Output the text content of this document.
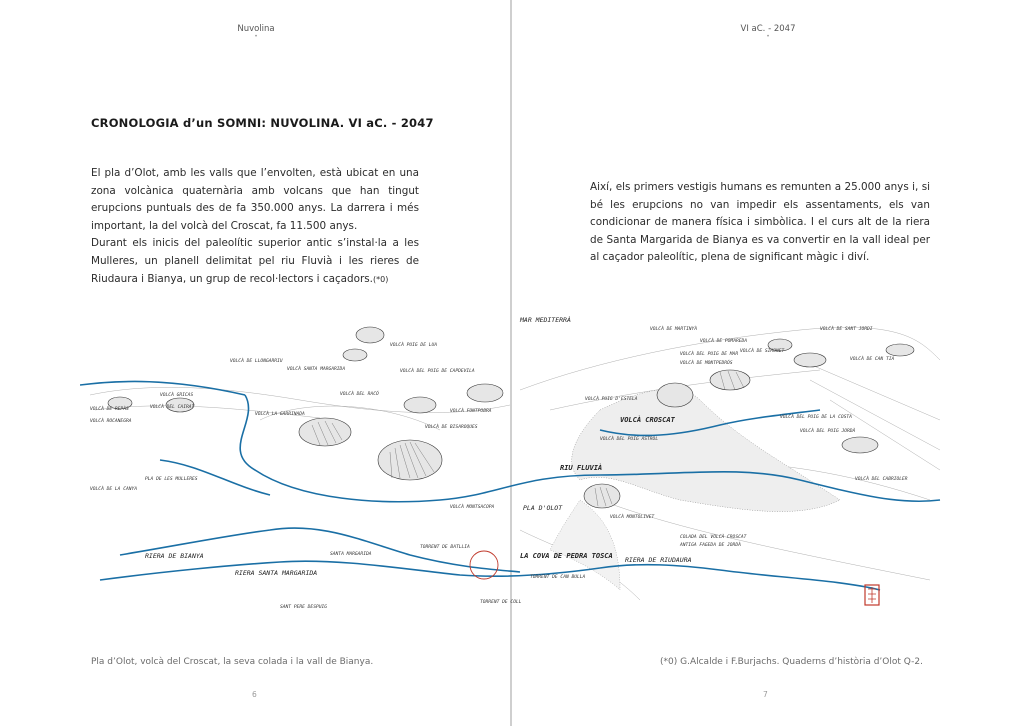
Nuvolina
•
VI aC. - 2047
•
CRONOLOGIA d’un SOMNI: NUVOLINA. VI aC. - 2047

El pla d’Olot, amb les valls que l’envolten, està ubicat en una zona volcànica quaternària amb volcans que han tingut erupcions puntuals des de fa 350.000 anys. La darrera i més important, la del volcà del Croscat, fa 11.500 anys.

Durant els inicis del paleolític superior antic s’instal·la a les Mulleres, un planell delimitat pel riu Fluvià i les rieres de Riudaura i Bianya, un grup de recol·lectors i caçadors.(*0)

Així, els primers vestigis humans es remunten a 25.000 anys i, si bé les erupcions no van impedir els assentaments, els van condicionar de manera física i simbòlica. I el curs alt de la riera de Santa Margarida de Bianya es va convertir en la vall ideal per al caçador paleolític, plena de significant màgic i diví.

MAR MEDITERRÀ
RIU FLUVIÀ
PLA D'OLOT
VOLCÀ CROSCAT
LA COVA DE PEDRA TOSCA
RIERA DE BIANYA
RIERA SANTA MARGARIDA
RIERA DE RIUDAURA
PLA DE LES MULLERES
VOLCÀ MONTSACOPA
VOLCÀ MONTOLIVET
VOLCÀ LA GARRINADA
VOLCÀ SANTA MARGARIDA
VOLCÀ DE LA CANYA
VOLCÀ DEL RACÓ
VOLCÀ GRICAS
VOLCÀ DEL PUIG JORDÀ
VOLCÀ DE BISAROQUES
VOLCÀ ROCANEGRA
COLADA DEL VOLCÀ CROSCAT
ANTIGA FAGEDA DE JORDÀ
VOLCÀ PUIG D'ESTELA
VOLCÀ DE MARTINYÀ
VOLCÀ DE POMAREDA
VOLCÀ DEL CABRIOLER
VOLCÀ DEL PUIG ASTROL
VOLCÀ DE SIMONET
VOLCÀ DE CAN TIA
VOLCÀ DE SANT JORDI
VOLCÀ DEL PUIG DE MAR
VOLCÀ DE MONTPEDRÓS
VOLCÀ DEL PUIG DE LA COSTA
VOLCÀ FONTPOBRA
VOLCÀ DEL PUIG DE CAPDEVILA
VOLCÀ DEL CAIRAT
VOLCÀ DE REPÀS
VOLCÀ PUIG DE LUA
VOLCÀ DE LLONGARRIU
SANT PERE DESPUIG
SANTA MARGARIDA
TORRENT DE BATLLIA
TORRENT DE COLL
TORRENT DE CAN BULLA
Pla d’Olot, volcà del Croscat, la seva colada i la vall de Bianya.	(*0) G.Alcalde i F.Burjachs. Quaderns d’història d’Olot Q-2.
6	7
